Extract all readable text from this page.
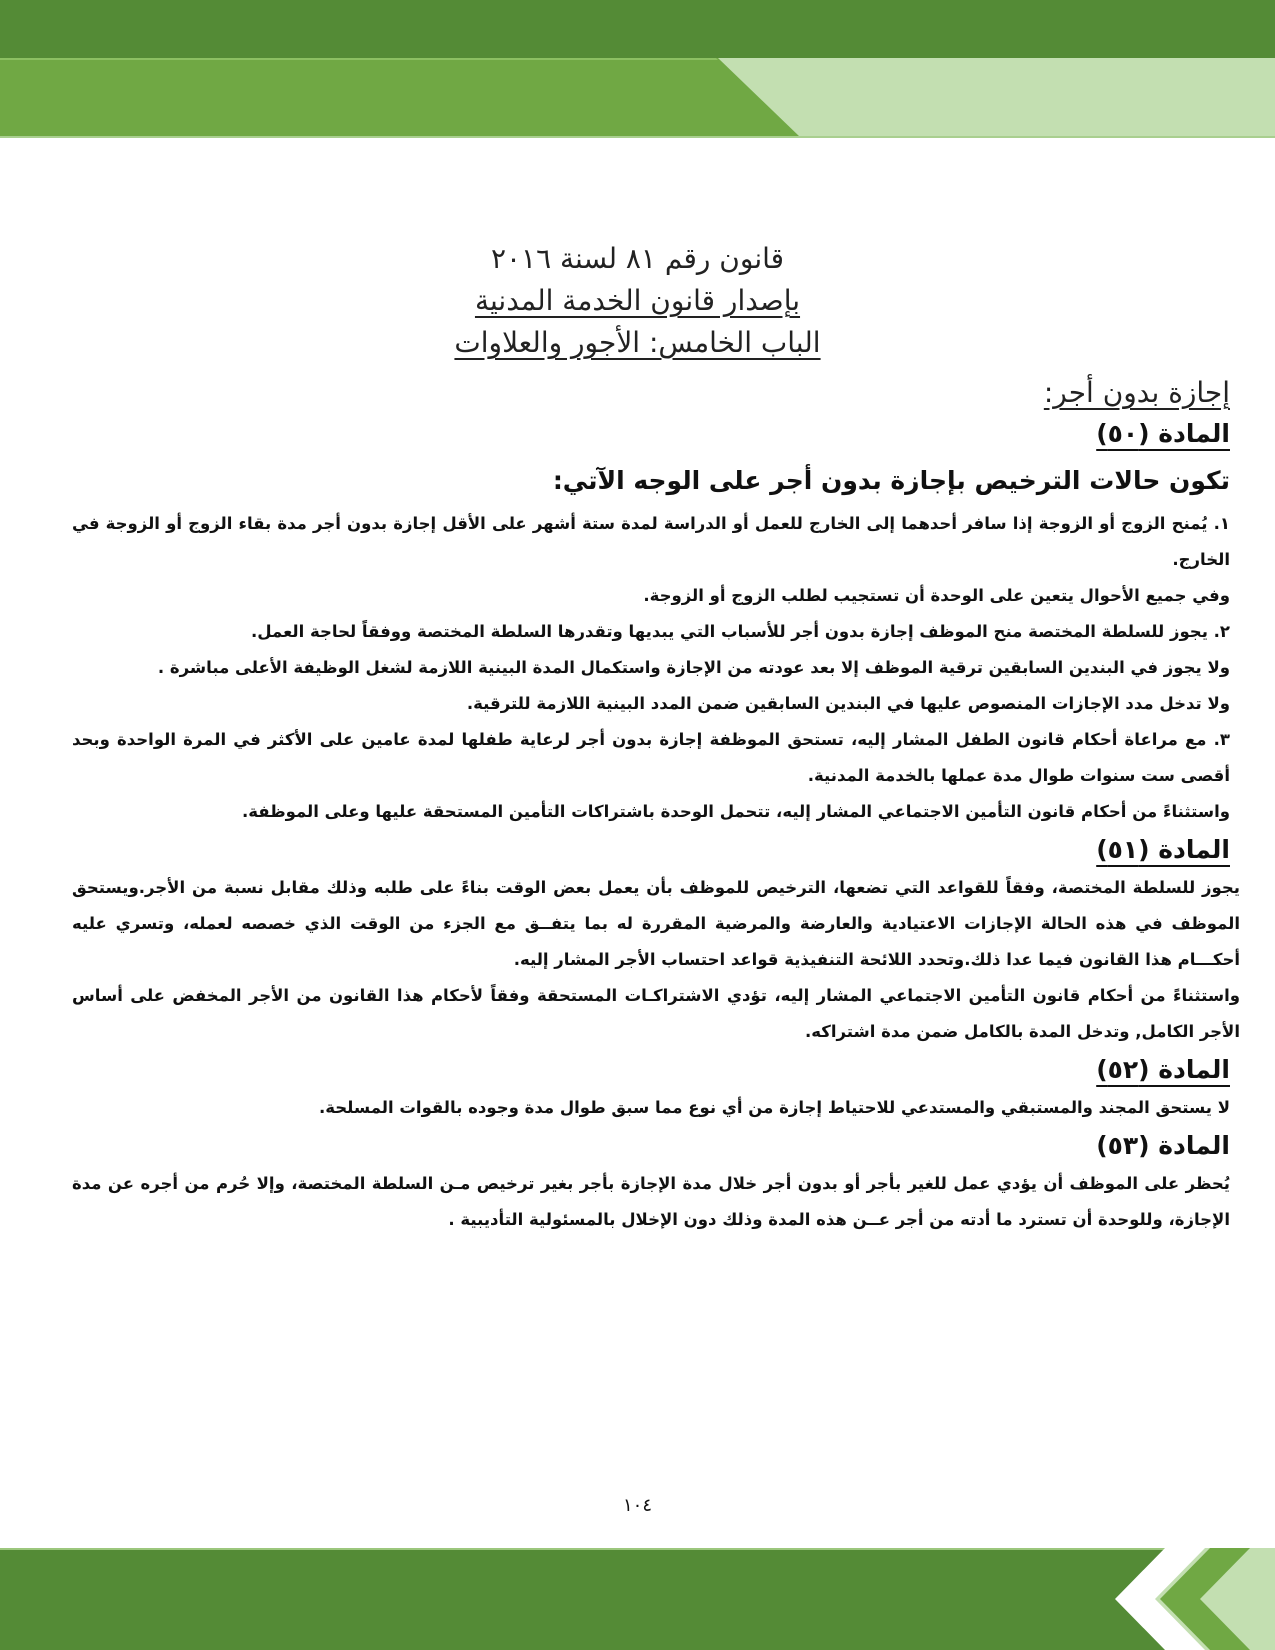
قانون رقم ٨١ لسنة ٢٠١٦
بإصدار قانون الخدمة المدنية
الباب الخامس: الأجور والعلاوات
إجازة بدون أجر:
المادة (٥٠)
تكون حالات الترخيص بإجازة بدون أجر على الوجه الآتي:
١. يُمنح الزوج أو الزوجة إذا سافر أحدهما إلى الخارج للعمل أو الدراسة لمدة ستة أشهر على الأقل إجازة بدون أجر مدة بقاء الزوج أو الزوجة في الخارج.
وفي جميع الأحوال يتعين على الوحدة أن تستجيب لطلب الزوج أو الزوجة.
٢. يجوز للسلطة المختصة منح الموظف إجازة بدون أجر للأسباب التي يبديها وتقدرها السلطة المختصة ووفقاً لحاجة العمل.
ولا يجوز في البندين السابقين ترقية الموظف إلا بعد عودته من الإجازة واستكمال المدة البينية اللازمة لشغل الوظيفة الأعلى مباشرة .
ولا تدخل مدد الإجازات المنصوص عليها في البندين السابقين ضمن المدد البينية اللازمة للترقية.
٣. مع مراعاة أحكام قانون الطفل المشار إليه، تستحق الموظفة إجازة بدون أجر لرعاية طفلها لمدة عامين على الأكثر في المرة الواحدة وبحد أقصى ست سنوات طوال مدة عملها بالخدمة المدنية.
واستثناءً من أحكام قانون التأمين الاجتماعي المشار إليه، تتحمل الوحدة باشتراكات التأمين المستحقة عليها وعلى الموظفة.
المادة (٥١)
يجوز للسلطة المختصة، وفقاً للقواعد التي تضعها، الترخيص للموظف بأن يعمل بعض الوقت بناءً على طلبه وذلك مقابل نسبة من الأجر.ويستحق الموظف في هذه الحالة الإجازات الاعتيادية والعارضة والمرضية المقررة له بما يتفــق مع الجزء من الوقت الذي خصصه لعمله، وتسري عليه أحكـــام هذا القانون فيما عدا ذلك.وتحدد اللائحة التنفيذية قواعد احتساب الأجر المشار إليه.
واستثناءً من أحكام قانون التأمين الاجتماعي المشار إليه، تؤدي الاشتراكـات المستحقة وفقاً لأحكام هذا القانون من الأجر المخفض على أساس الأجر الكامل, وتدخل المدة بالكامل ضمن مدة اشتراكه.
المادة (٥٢)
لا يستحق المجند والمستبقي والمستدعي للاحتياط إجازة من أي نوع مما سبق طوال مدة وجوده بالقوات المسلحة.
المادة (٥٣)
يُحظر على الموظف أن يؤدي عمل للغير بأجر أو بدون أجر خلال مدة الإجازة بأجر بغير ترخيص مـن السلطة المختصة، وإلا حُرم من أجره عن مدة الإجازة، وللوحدة أن تسترد ما أدته من أجر عــن هذه المدة وذلك دون الإخلال بالمسئولية التأديبية .
١٠٤
